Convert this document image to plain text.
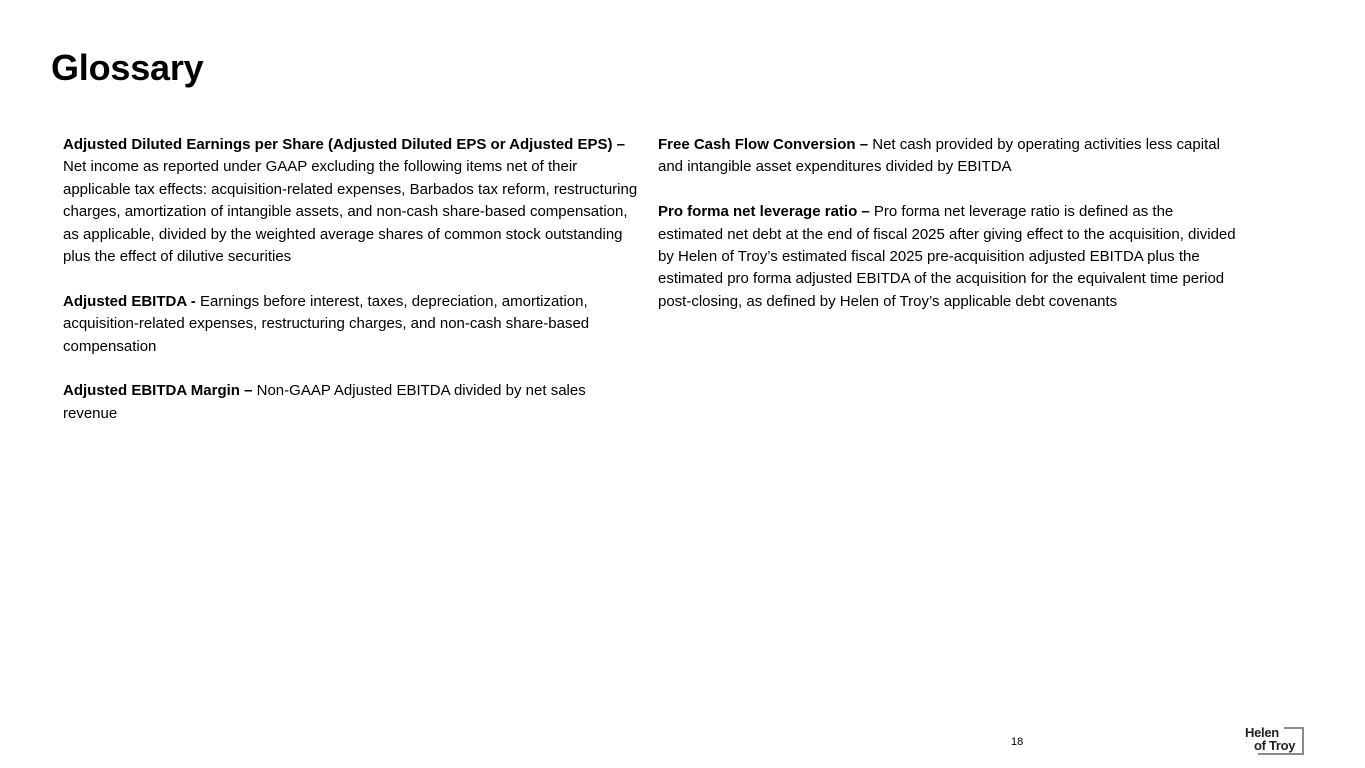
Glossary

Adjusted Diluted Earnings per Share (Adjusted Diluted EPS or Adjusted EPS) – Net income as reported under GAAP excluding the following items net of their applicable tax effects: acquisition-related expenses, Barbados tax reform, restructuring charges, amortization of intangible assets, and non-cash share-based compensation, as applicable, divided by the weighted average shares of common stock outstanding plus the effect of dilutive securities

Adjusted EBITDA - Earnings before interest, taxes, depreciation, amortization, acquisition-related expenses, restructuring charges, and non-cash share-based compensation

Adjusted EBITDA Margin – Non-GAAP Adjusted EBITDA divided by net sales revenue

Free Cash Flow Conversion – Net cash provided by operating activities less capital and intangible asset expenditures divided by EBITDA

Pro forma net leverage ratio – Pro forma net leverage ratio is defined as the estimated net debt at the end of fiscal 2025 after giving effect to the acquisition, divided by Helen of Troy’s estimated fiscal 2025 pre-acquisition adjusted EBITDA plus the estimated pro forma adjusted EBITDA of the acquisition for the equivalent time period post-closing, as defined by Helen of Troy’s applicable debt covenants

18
Helen
of Troy
